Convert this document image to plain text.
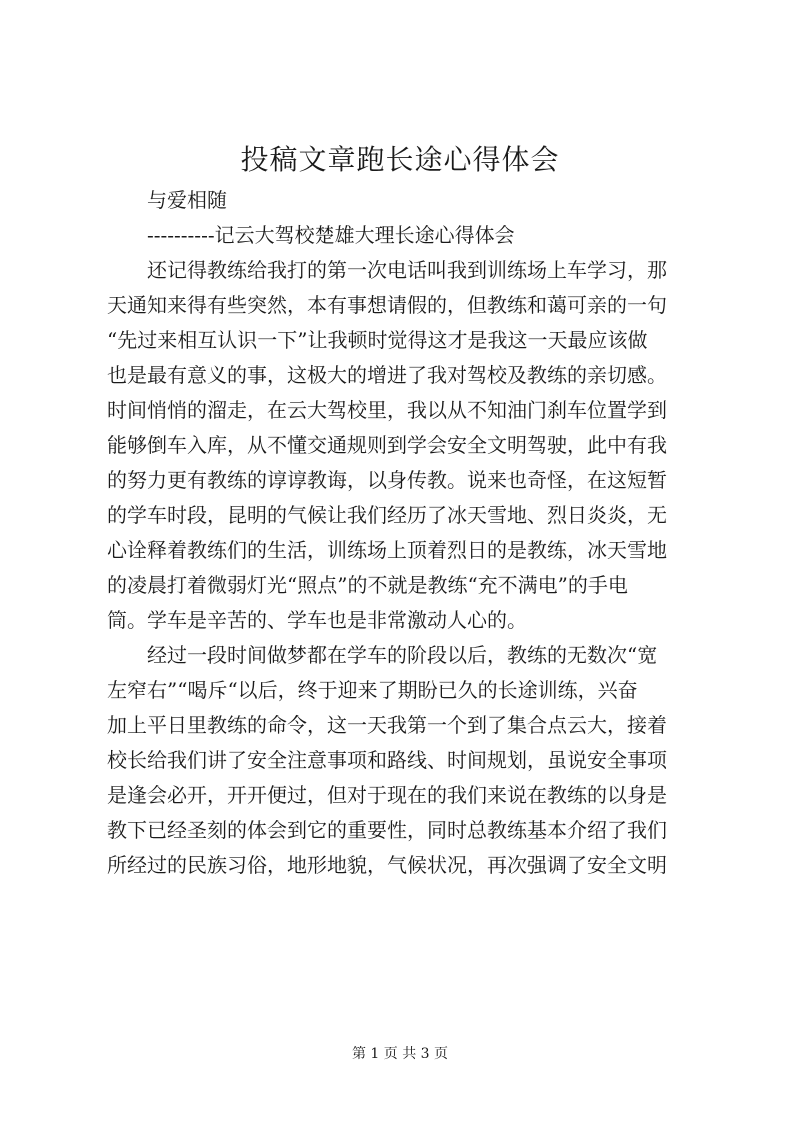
投稿文章跑长途心得体会
与爱相随
----------记云大驾校楚雄大理长途心得体会
还记得教练给我打的第一次电话叫我到训练场上车学习，那
天通知来得有些突然，本有事想请假的，但教练和蔼可亲的一句
“先过来相互认识一下”让我顿时觉得这才是我这一天最应该做
也是最有意义的事，这极大的增进了我对驾校及教练的亲切感。
时间悄悄的溜走，在云大驾校里，我以从不知油门刹车位置学到
能够倒车入库，从不懂交通规则到学会安全文明驾驶，此中有我
的努力更有教练的谆谆教诲，以身传教。说来也奇怪，在这短暂
的学车时段，昆明的气候让我们经历了冰天雪地、烈日炎炎，无
心诠释着教练们的生活，训练场上顶着烈日的是教练，冰天雪地
的凌晨打着微弱灯光“照点”的不就是教练“充不满电”的手电
筒。学车是辛苦的、学车也是非常激动人心的。
经过一段时间做梦都在学车的阶段以后，教练的无数次“宽
左窄右”“喝斥“以后，终于迎来了期盼已久的长途训练，兴奋
加上平日里教练的命令，这一天我第一个到了集合点云大，接着
校长给我们讲了安全注意事项和路线、时间规划，虽说安全事项
是逢会必开，开开便过，但对于现在的我们来说在教练的以身是
教下已经圣刻的体会到它的重要性，同时总教练基本介绍了我们
所经过的民族习俗，地形地貌，气候状况，再次强调了安全文明
第 1 页 共 3 页
